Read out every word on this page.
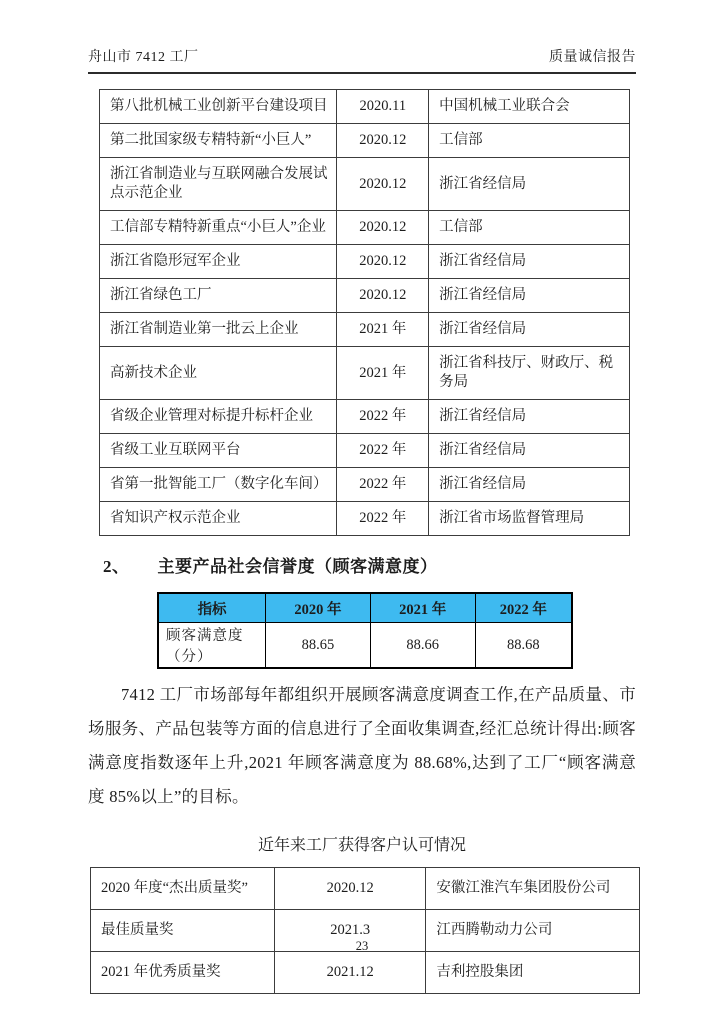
舟山市 7412 工厂	质量诚信报告
第八批机械工业创新平台建设项目	2020.11	中国机械工业联合会
第二批国家级专精特新“小巨人”	2020.12	工信部
浙江省制造业与互联网融合发展试点示范企业	2020.12	浙江省经信局
工信部专精特新重点“小巨人”企业	2020.12	工信部
浙江省隐形冠军企业	2020.12	浙江省经信局
浙江省绿色工厂	2020.12	浙江省经信局
浙江省制造业第一批云上企业	2021 年	浙江省经信局
高新技术企业	2021 年	浙江省科技厅、财政厅、税务局
省级企业管理对标提升标杆企业	2022 年	浙江省经信局
省级工业互联网平台	2022 年	浙江省经信局
省第一批智能工厂（数字化车间）	2022 年	浙江省经信局
省知识产权示范企业	2022 年	浙江省市场监督管理局
2、 主要产品社会信誉度（顾客满意度）
指标	2020 年	2021 年	2022 年
顾客满意度（分）	88.65	88.66	88.68

7412 工厂市场部每年都组织开展顾客满意度调查工作,在产品质量、市场服务、产品包装等方面的信息进行了全面收集调查,经汇总统计得出:顾客满意度指数逐年上升,2021 年顾客满意度为 88.68%,达到了工厂“顾客满意度 85%以上”的目标。

近年来工厂获得客户认可情况
2020 年度“杰出质量奖”	2020.12	安徽江淮汽车集团股份公司
最佳质量奖	2021.3	江西腾勒动力公司
2021 年优秀质量奖	2021.12	吉利控股集团
23
